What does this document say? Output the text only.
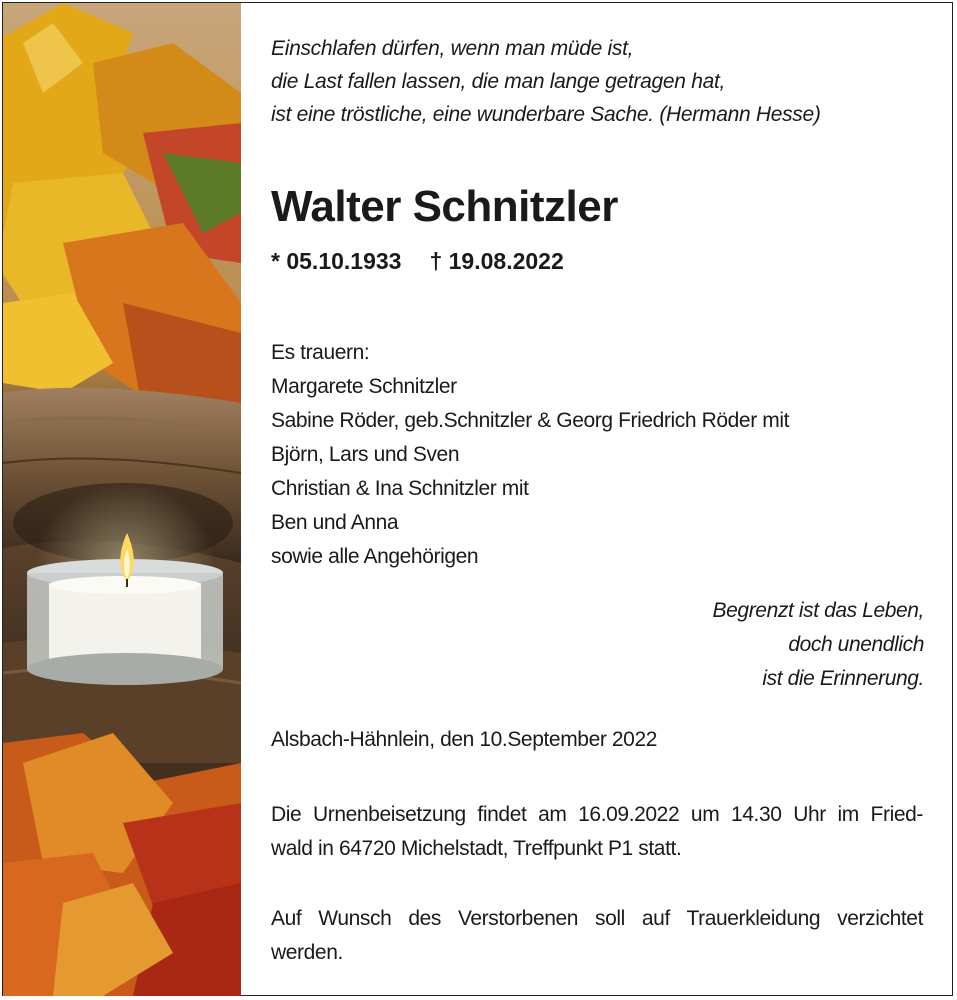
Einschlafen dürfen, wenn man müde ist,
die Last fallen lassen, die man lange getragen hat,
ist eine tröstliche, eine wunderbare Sache. (Hermann Hesse)
Walter Schnitzler
* 05.10.1933 † 19.08.2022
Es trauern:
Margarete Schnitzler
Sabine Röder, geb.Schnitzler & Georg Friedrich Röder mit
Björn, Lars und Sven
Christian & Ina Schnitzler mit
Ben und Anna
sowie alle Angehörigen
Begrenzt ist das Leben,
doch unendlich
ist die Erinnerung.
Alsbach-Hähnlein, den 10.September 2022
Die Urnenbeisetzung findet am 16.09.2022 um 14.30 Uhr im Fried-
wald in 64720 Michelstadt, Treffpunkt P1 statt.
Auf Wunsch des Verstorbenen soll auf Trauerkleidung verzichtet
werden.
